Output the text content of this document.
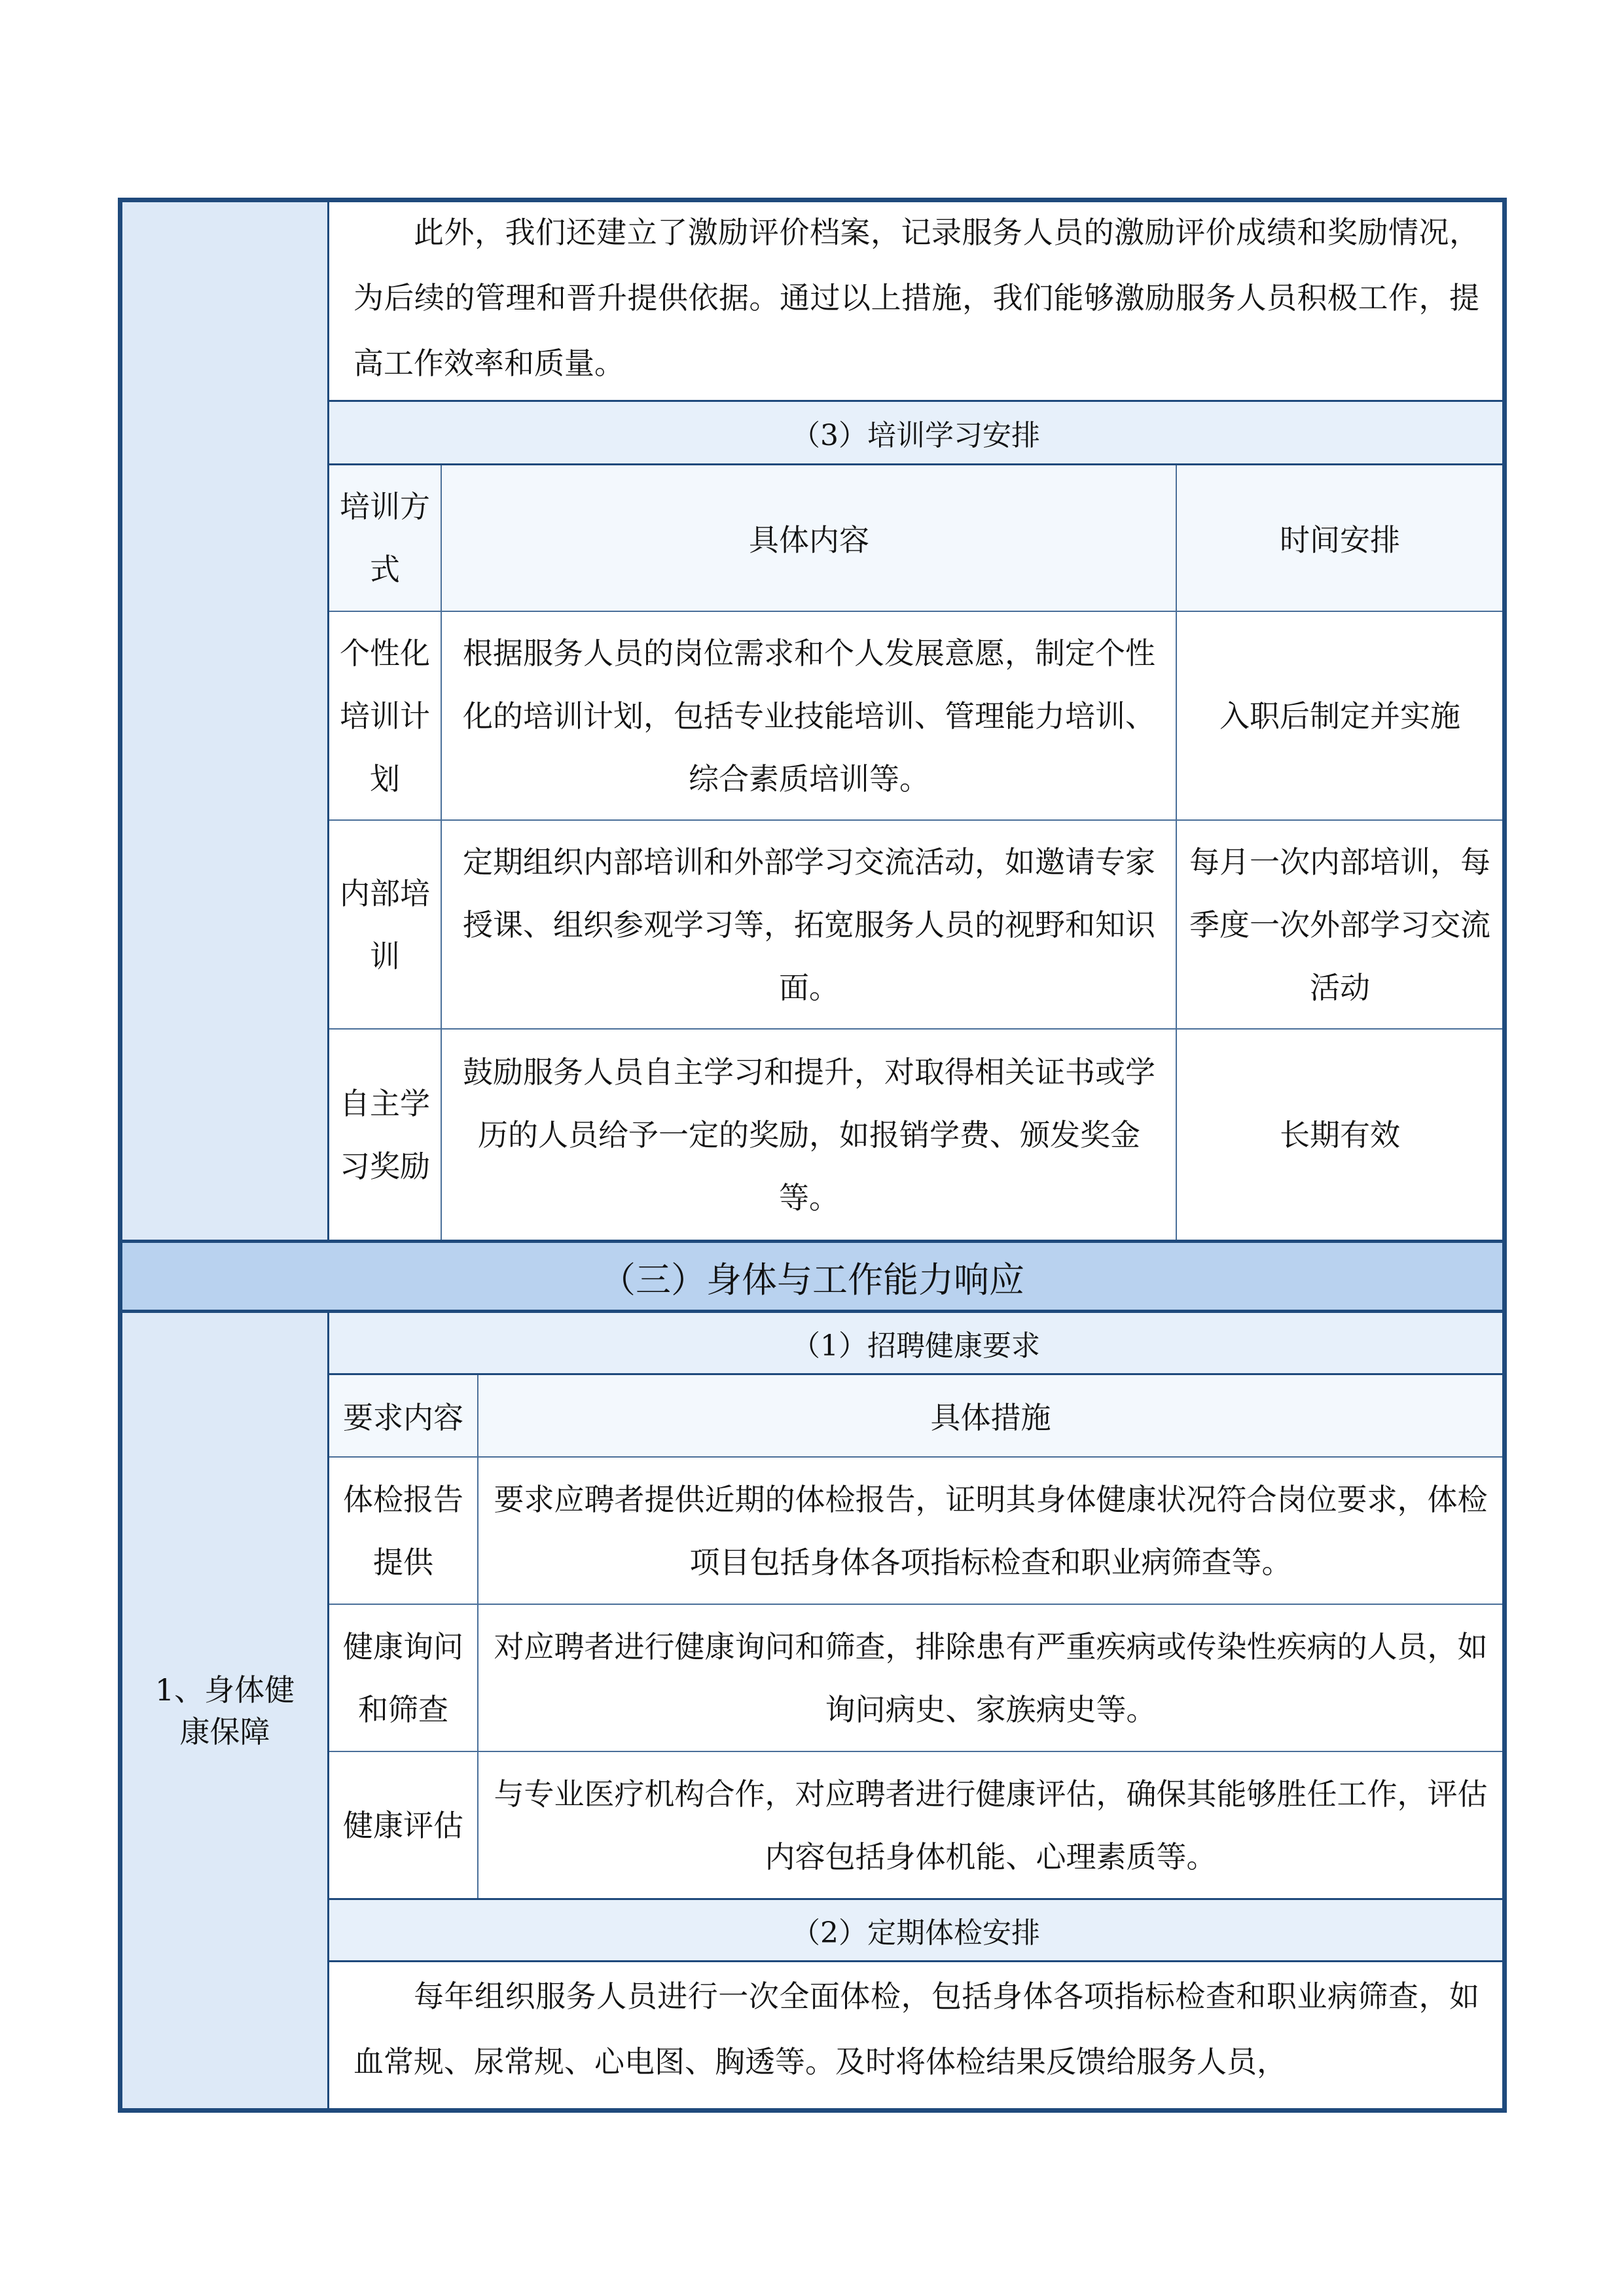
此外，我们还建立了激励评价档案，记录服务人员的激励评价成绩和奖励情况，为后续的管理和晋升提供依据。通过以上措施，我们能够激励服务人员积极工作，提高工作效率和质量。
（3）培训学习安排
培训方式
具体内容	时间安排
个性化培训计划
根据服务人员的岗位需求和个人发展意愿，制定个性化的培训计划，包括专业技能培训、管理能力培训、综合素质培训等。
入职后制定并实施
内部培训
定期组织内部培训和外部学习交流活动，如邀请专家授课、组织参观学习等，拓宽服务人员的视野和知识面。
每月一次内部培训，每季度一次外部学习交流活动
自主学习奖励
鼓励服务人员自主学习和提升，对取得相关证书或学历的人员给予一定的奖励，如报销学费、颁发奖金等。
长期有效
（三）身体与工作能力响应
1、身体健康保障
（1）招聘健康要求
要求内容	具体措施
体检报告提供
要求应聘者提供近期的体检报告，证明其身体健康状况符合岗位要求，体检项目包括身体各项指标检查和职业病筛查等。
健康询问和筛查
对应聘者进行健康询问和筛查，排除患有严重疾病或传染性疾病的人员，如询问病史、家族病史等。
健康评估
与专业医疗机构合作，对应聘者进行健康评估，确保其能够胜任工作，评估内容包括身体机能、心理素质等。
（2）定期体检安排
每年组织服务人员进行一次全面体检，包括身体各项指标检查和职业病筛查，如血常规、尿常规、心电图、胸透等。及时将体检结果反馈给服务人员，
